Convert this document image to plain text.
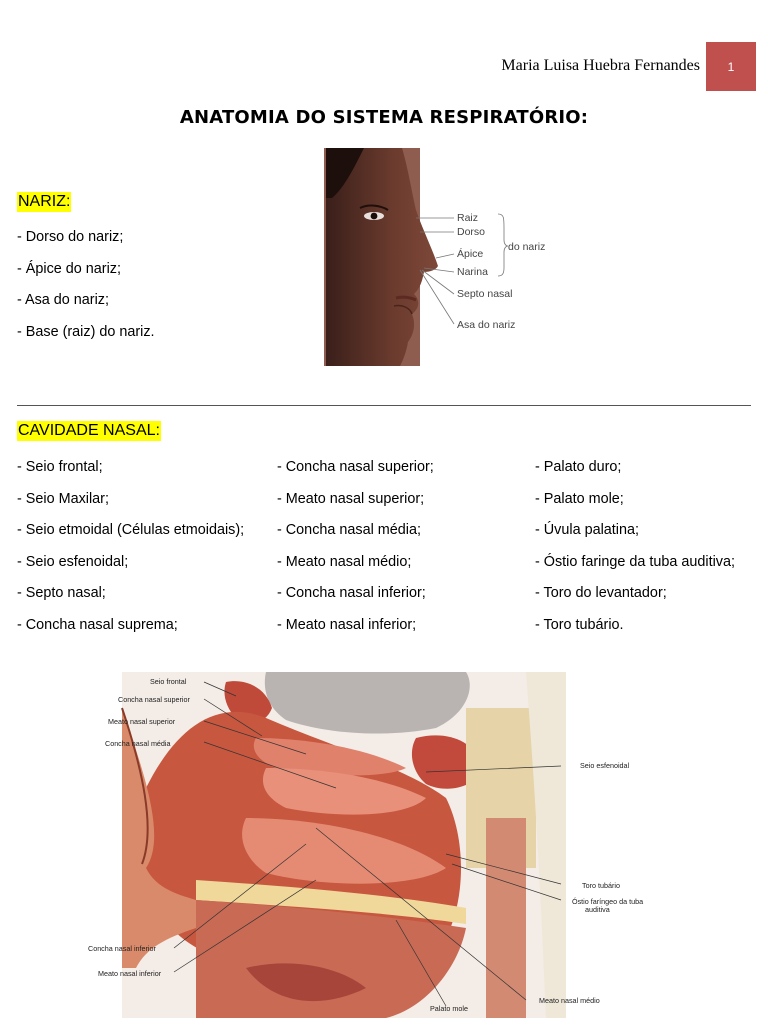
Maria Luisa Huebra Fernandes 1
ANATOMIA DO SISTEMA RESPIRATÓRIO:
NARIZ:
- Dorso do nariz;
- Ápice do nariz;
- Asa do nariz;
- Base (raiz) do nariz.
Raiz
Dorso
Ápice
Narina
do nariz
Septo nasal
Asa do nariz
CAVIDADE NASAL:
- Seio frontal;
- Seio Maxilar;
- Seio etmoidal (Células etmoidais);
- Seio esfenoidal;
- Septo nasal;
- Concha nasal suprema;
- Concha nasal superior;
- Meato nasal superior;
- Concha nasal média;
- Meato nasal médio;
- Concha nasal inferior;
- Meato nasal inferior;
- Palato duro;
- Palato mole;
- Úvula palatina;
- Óstio faringe da tuba auditiva;
- Toro do levantador;
- Toro tubário.
Seio frontal
Concha nasal superior
Meato nasal superior
Concha nasal média
Seio esfenoidal
Toro tubário
Óstio faríngeo da tuba
auditiva
Concha nasal inferior
Meato nasal inferior
Palato mole
Meato nasal médio
